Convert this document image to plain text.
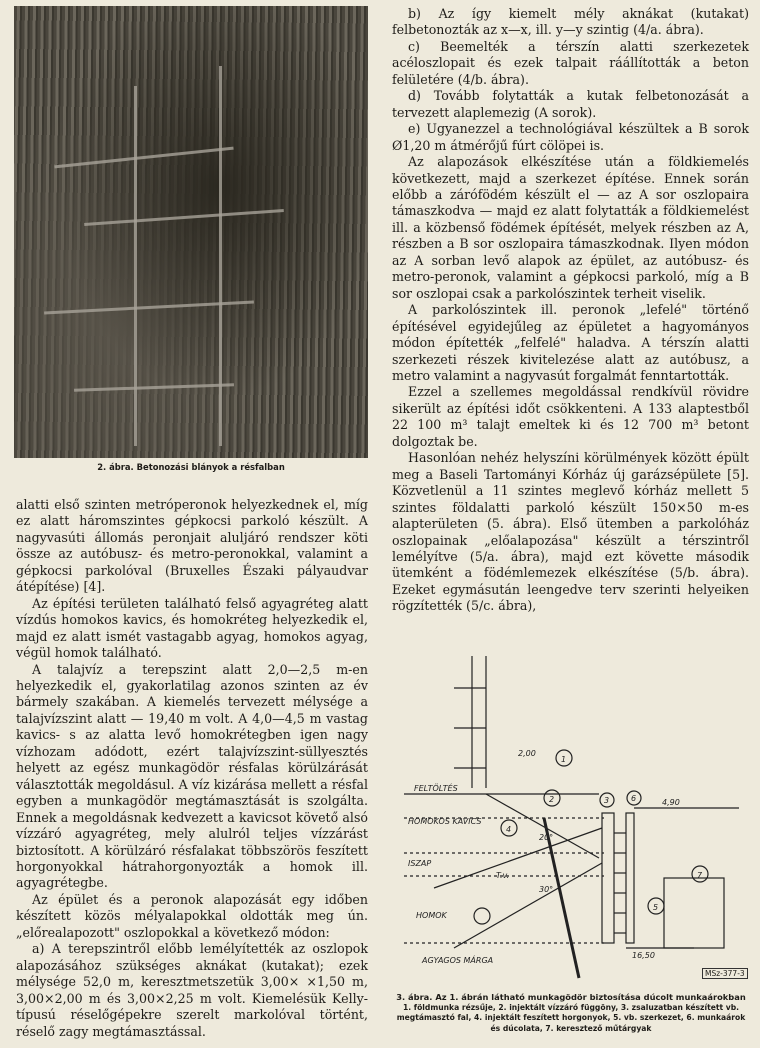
2. ábra. Betonozási blányok a résfalban

alatti első szinten metróperonok helyezkednek el, míg ez alatt háromszintes gépkocsi parkoló készült. A nagyvasúti állomás peronjait aluljáró rendszer köti össze az autóbusz- és metro-peronokkal, valamint a gépkocsi parkolóval (Bruxelles Északi pályaudvar átépítése) [4].

Az építési területen található felső agyagréteg alatt vízdús homokos kavics, és homokréteg helyezkedik el, majd ez alatt ismét vastagabb agyag, homokos agyag, végül homok található.

A talajvíz a terepszint alatt 2,0—2,5 m-en helyezkedik el, gyakorlatilag azonos szinten az év bármely szakában. A kiemelés tervezett mélysége a talajvízszint alatt — 19,40 m volt. A 4,0—4,5 m vastag kavics- s az alatta levő homokrétegben igen nagy vízhozam adódott, ezért talajvízszint-süllyesztés helyett az egész munkagödör résfalas körülzárását választották megoldásul. A víz kizárása mellett a résfal egyben a munkagödör megtámasztását is szolgálta. Ennek a megoldásnak kedvezett a kavicsot követő alsó vízzáró agyagréteg, mely alulról teljes vízzárást biztosított. A körülzáró résfalakat többszörös feszített horgonyokkal hátrahorgonyozták a homok ill. agyagrétegbe.

Az épület és a peronok alapozását egy időben készített közös mélyalapokkal oldották meg ún. „előrealapozott" oszlopokkal a következő módon:

a) A terepszintről előbb lemélyítették az oszlopok alapozásához szükséges aknákat (kutakat); ezek mélysége 52,0 m, keresztmetszetük 3,00× ×1,50 m, 3,00×2,00 m és 3,00×2,25 m volt. Kiemelésük Kelly-típusú réselőgépekre szerelt markolóval történt, réselő zagy megtámasztással.

b) Az így kiemelt mély aknákat (kutakat) felbetonozták az x—x, ill. y—y szintig (4/a. ábra).

c) Beemelték a térszín alatti szerkezetek acéloszlopait és ezek talpait ráállították a beton felületére (4/b. ábra).

d) Tovább folytatták a kutak felbetonozását a tervezett alaplemezig (A sorok).

e) Ugyanezzel a technológiával készültek a B sorok Ø1,20 m átmérőjű fúrt cölöpei is.

Az alapozások elkészítése után a földkiemelés következett, majd a szerkezet építése. Ennek során előbb a zárófödém készült el — az A sor oszlopaira támaszkodva — majd ez alatt folytatták a földkiemelést ill. a közbenső födémek építését, melyek részben az A, részben a B sor oszlopaira támaszkodnak. Ilyen módon az A sorban levő alapok az épület, az autóbusz- és metro-peronok, valamint a gépkocsi parkoló, míg a B sor oszlopai csak a parkolószintek terheit viselik.

A parkolószintek ill. peronok „lefelé" történő építésével egyidejűleg az épületet a hagyományos módon építették „felfelé" haladva. A térszín alatti szerkezeti részek kivitelezése alatt az autóbusz, a metro valamint a nagyvasút forgalmát fenntartották.

Ezzel a szellemes megoldással rendkívül rövidre sikerült az építési időt csökkenteni. A 133 alaptestből 22 100 m³ talajt emeltek ki és 12 700 m³ betont dolgoztak be.

Hasonlóan nehéz helyszíni körülmények között épült meg a Baseli Tartományi Kórház új garázsépülete [5]. Közvetlenül a 11 szintes meglevő kórház mellett 5 szintes földalatti parkoló készült 150×50 m-es alapterületen (5. ábra). Első ütemben a parkolóház oszlopainak „előalapozása" készült a térszintről lemélyítve (5/a. ábra), majd ezt követte második ütemként a födémlemezek elkészítése (5/b. ábra). Ezeket egymásután leengedve terv szerinti helyeiken rögzítették (5/c. ábra),

FELTÖLTÉS
HOMOKOS KAVICS
ISZAP
HOMOK
AGYAGOS MÁRGA
2,00
4,90
16,50
20°
30°
T.v.
1
2	3
4
5
6
7
MSz-377-3
3. ábra. Az 1. ábrán látható munkagödör biztosítása dúcolt munkaárokban
1. földmunka rézsűje, 2. injektált vízzáró függöny, 3. zsaluzatban készített vb. megtámasztó fal, 4. injektált feszített horgonyok, 5. vb. szerkezet, 6. munkaárok és dúcolata, 7. keresztező műtárgyak
